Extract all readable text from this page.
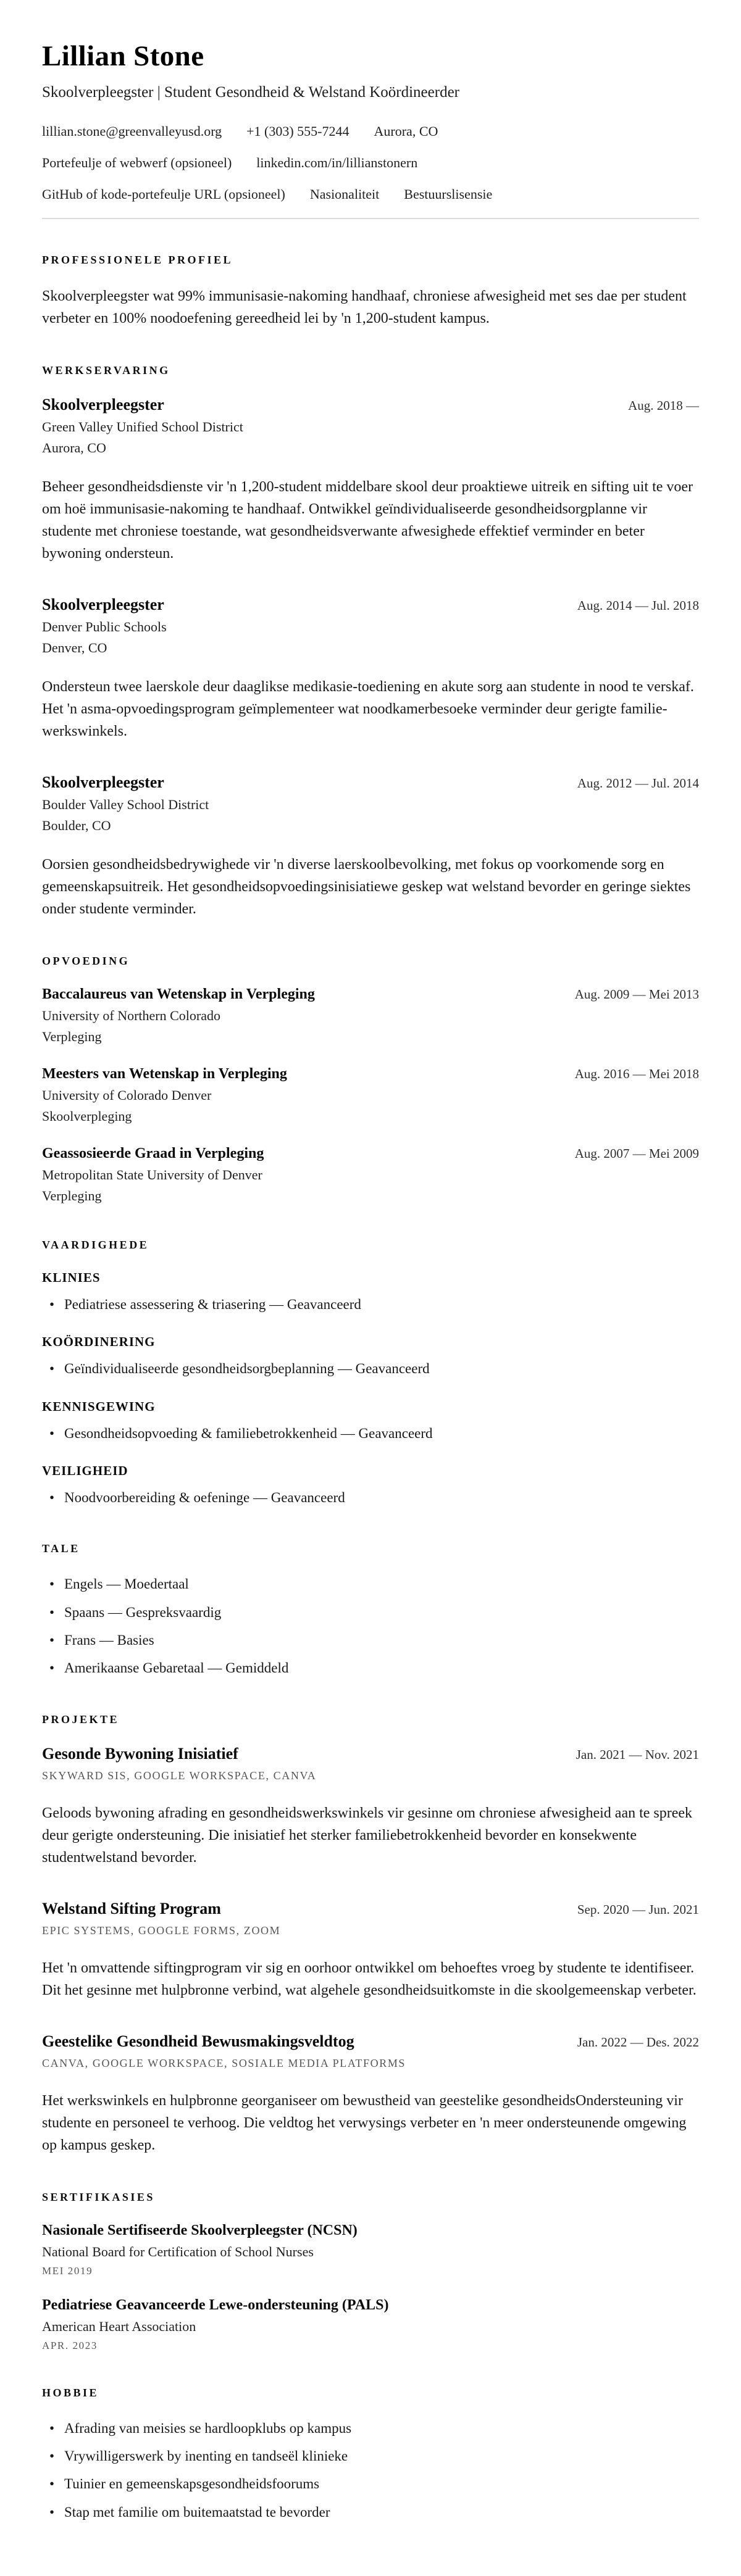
Lillian Stone

Skoolverpleegster | Student Gesondheid & Welstand Koördineerder

lillian.stone@greenvalleyusd.org +1 (303) 555-7244 Aurora, CO
Portefeulje of webwerf (opsioneel) linkedin.com/in/lillianstonern
GitHub of kode-portefeulje URL (opsioneel) Nasionaliteit Bestuurslisensie
PROFESSIONELE PROFIEL

Skoolverpleegster wat 99% immunisasie-nakoming handhaaf, chroniese afwesigheid met ses dae per student verbeter en 100% noodoefening gereedheid lei by 'n 1,200-student kampus.

WERKSERVARING
Skoolverpleegster	Aug. 2018 —

Green Valley Unified School District

Aurora, CO

Beheer gesondheidsdienste vir 'n 1,200-student middelbare skool deur proaktiewe uitreik en sifting uit te voer om hoë immunisasie-nakoming te handhaaf. Ontwikkel geïndividualiseerde gesondheidsorgplanne vir studente met chroniese toestande, wat gesondheidsverwante afwesighede effektief verminder en beter bywoning ondersteun.

Skoolverpleegster	Aug. 2014 — Jul. 2018

Denver Public Schools

Denver, CO

Ondersteun twee laerskole deur daaglikse medikasie-toediening en akute sorg aan studente in nood te verskaf. Het 'n asma-opvoedingsprogram geïmplementeer wat noodkamerbesoeke verminder deur gerigte familie-werkswinkels.

Skoolverpleegster	Aug. 2012 — Jul. 2014

Boulder Valley School District

Boulder, CO

Oorsien gesondheidsbedrywighede vir 'n diverse laerskoolbevolking, met fokus op voorkomende sorg en gemeenskapsuitreik. Het gesondheidsopvoedingsinisiatiewe geskep wat welstand bevorder en geringe siektes onder studente verminder.

OPVOEDING
Baccalaureus van Wetenskap in Verpleging	Aug. 2009 — Mei 2013

University of Northern Colorado

Verpleging

Meesters van Wetenskap in Verpleging	Aug. 2016 — Mei 2018

University of Colorado Denver

Skoolverpleging

Geassosieerde Graad in Verpleging	Aug. 2007 — Mei 2009

Metropolitan State University of Denver

Verpleging

VAARDIGHEDE
KLINIES
• Pediatriese assessering & triasering — Geavanceerd
KOÖRDINERING
• Geïndividualiseerde gesondheidsorgbeplanning — Geavanceerd
KENNISGEWING
• Gesondheidsopvoeding & familiebetrokkenheid — Geavanceerd
VEILIGHEID
• Noodvoorbereiding & oefeninge — Geavanceerd
TALE
• Engels — Moedertaal
• Spaans — Gespreksvaardig
• Frans — Basies
• Amerikaanse Gebaretaal — Gemiddeld
PROJEKTE
Gesonde Bywoning Inisiatief	Jan. 2021 — Nov. 2021

SKYWARD SIS, GOOGLE WORKSPACE, CANVA

Geloods bywoning afrading en gesondheidswerkswinkels vir gesinne om chroniese afwesigheid aan te spreek deur gerigte ondersteuning. Die inisiatief het sterker familiebetrokkenheid bevorder en konsekwente studentwelstand bevorder.

Welstand Sifting Program	Sep. 2020 — Jun. 2021

EPIC SYSTEMS, GOOGLE FORMS, ZOOM

Het 'n omvattende siftingprogram vir sig en oorhoor ontwikkel om behoeftes vroeg by studente te identifiseer. Dit het gesinne met hulpbronne verbind, wat algehele gesondheidsuitkomste in die skoolgemeenskap verbeter.

Geestelike Gesondheid Bewusmakingsveldtog	Jan. 2022 — Des. 2022

CANVA, GOOGLE WORKSPACE, SOSIALE MEDIA PLATFORMS

Het werkswinkels en hulpbronne georganiseer om bewustheid van geestelike gesondheidsOndersteuning vir studente en personeel te verhoog. Die veldtog het verwysings verbeter en 'n meer ondersteunende omgewing op kampus geskep.

SERTIFIKASIES
Nasionale Sertifiseerde Skoolverpleegster (NCSN)

National Board for Certification of School Nurses

MEI 2019

Pediatriese Geavanceerde Lewe-ondersteuning (PALS)

American Heart Association

APR. 2023

HOBBIE
• Afrading van meisies se hardloopklubs op kampus
• Vrywilligerswerk by inenting en tandseël klinieke
• Tuinier en gemeenskapsgesondheidsfoorums
• Stap met familie om buitemaatstad te bevorder
